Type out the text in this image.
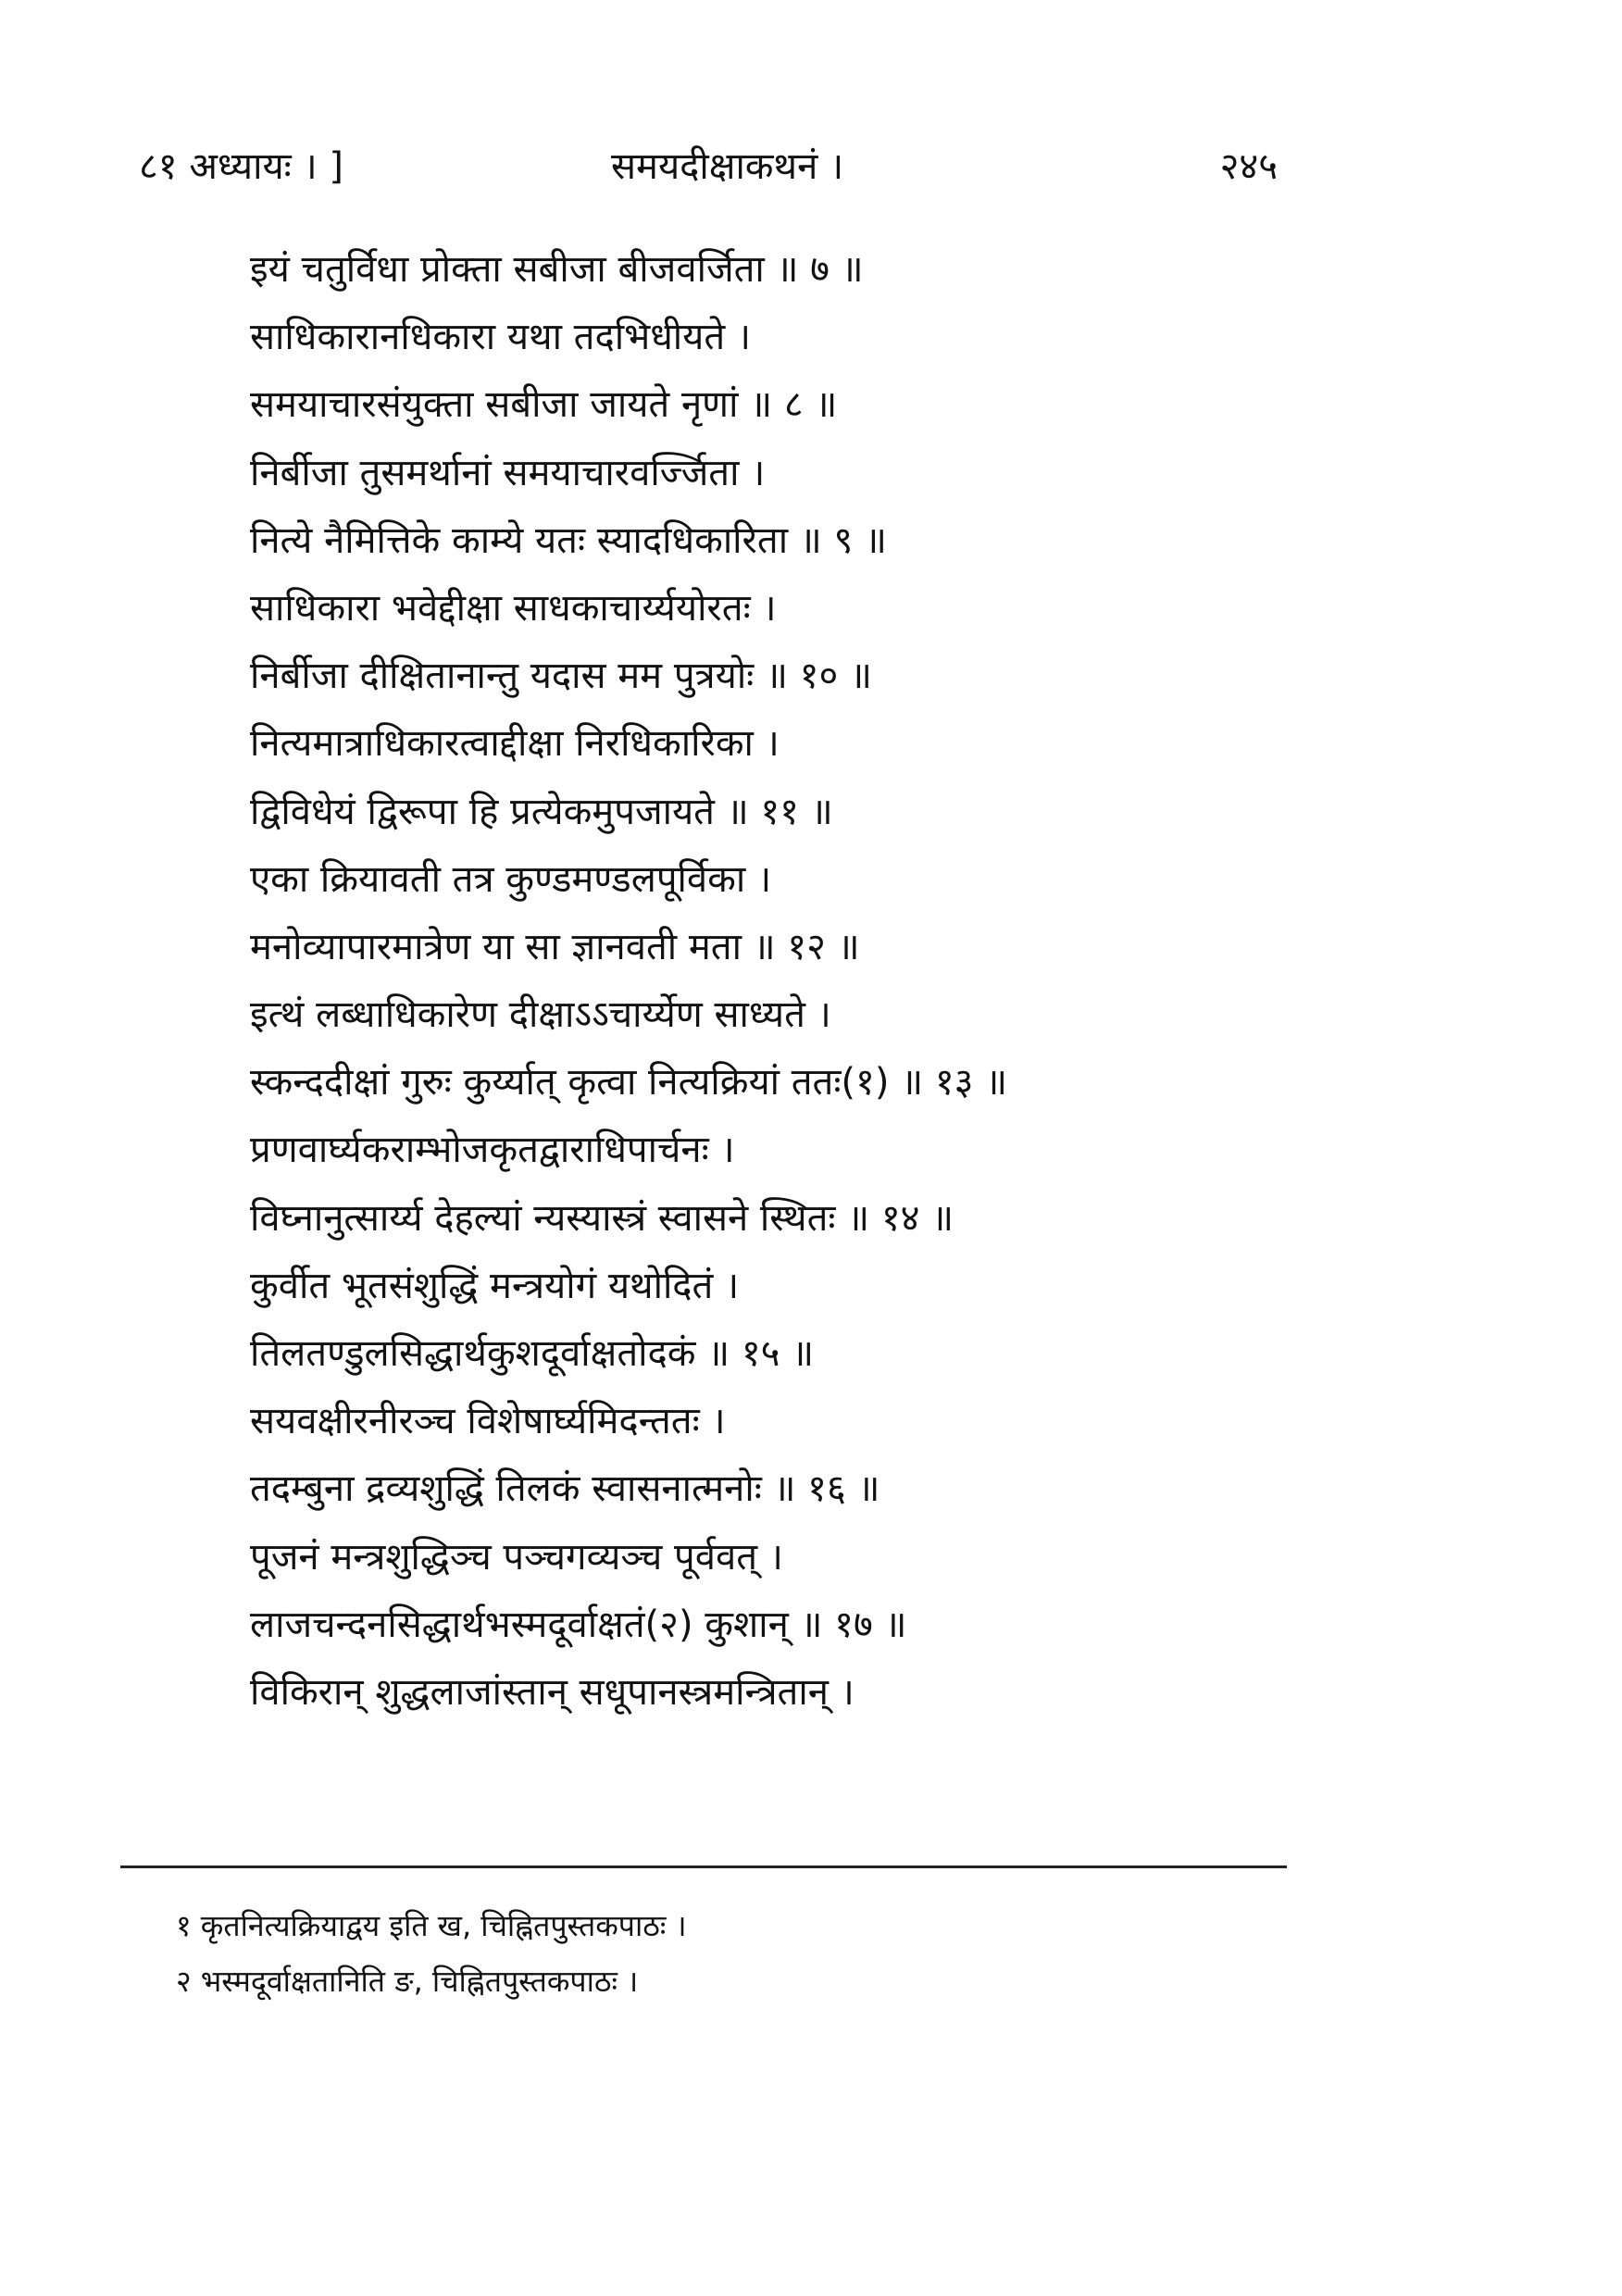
८१ अध्यायः । ]	समयदीक्षाकथनं ।	२४५
इयं चतुर्विधा प्रोक्ता सबीजा बीजवर्जिता ॥ ७ ॥
साधिकारानधिकारा यथा तदभिधीयते ।
समयाचारसंयुक्ता सबीजा जायते नृणां ॥ ८ ॥
निर्बीजा तुसमर्थानां समयाचारवर्ज्जिता ।
नित्ये नैमित्तिके काम्ये यतः स्यादधिकारिता ॥ ९ ॥
साधिकारा भवेद्दीक्षा साधकाचार्य्ययोरतः ।
निर्बीजा दीक्षितानान्तु यदास मम पुत्रयोः ॥ १० ॥
नित्यमात्राधिकारत्वाद्दीक्षा निरधिकारिका ।
द्विविधेयं द्विरूपा हि प्रत्येकमुपजायते ॥ ११ ॥
एका क्रियावती तत्र कुण्डमण्डलपूर्विका ।
मनोव्यापारमात्रेण या सा ज्ञानवती मता ॥ १२ ॥
इत्थं लब्धाधिकारेण दीक्षाऽऽचार्य्येण साध्यते ।
स्कन्ददीक्षां गुरुः कुर्य्यात् कृत्वा नित्यक्रियां ततः(१) ॥ १३ ॥
प्रणवार्घ्यकराम्भोजकृतद्वाराधिपार्चनः ।
विघ्नानुत्सार्य्य देहल्यां न्यस्यास्त्रं स्वासने स्थितः ॥ १४ ॥
कुर्वीत भूतसंशुद्धिं मन्त्रयोगं यथोदितं ।
तिलतण्डुलसिद्धार्थकुशदूर्वाक्षतोदकं ॥ १५ ॥
सयवक्षीरनीरञ्च विशेषार्घ्यमिदन्ततः ।
तदम्बुना द्रव्यशुद्धिं तिलकं स्वासनात्मनोः ॥ १६ ॥
पूजनं मन्त्रशुद्धिञ्च पञ्चगव्यञ्च पूर्ववत् ।
लाजचन्दनसिद्धार्थभस्मदूर्वाक्षतं(२) कुशान् ॥ १७ ॥
विकिरान् शुद्धलाजांस्तान् सधूपानस्त्रमन्त्रितान् ।
१ कृतनित्यक्रियाद्वय इति ख, चिह्नितपुस्तकपाठः ।
२ भस्मदूर्वाक्षतानिति ङ, चिह्नितपुस्तकपाठः ।
